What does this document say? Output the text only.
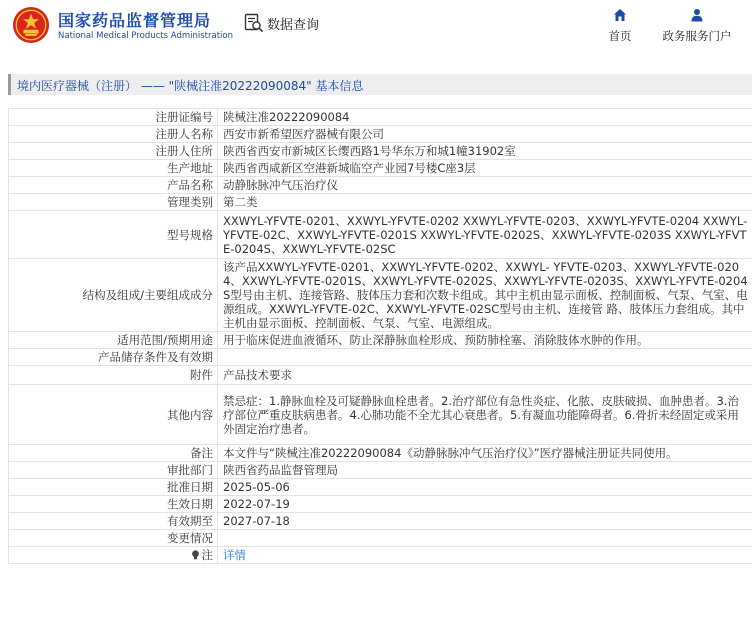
国家药品监督管理局
National Medical Products Administration
数据查询
首页	政务服务门户
境内医疗器械（注册） —— "陕械注准20222090084" 基本信息
注册证编号	陕械注准20222090084
注册人名称	西安市新希望医疗器械有限公司
注册人住所	陕西省西安市新城区长缨西路1号华东万和城1幢31902室
生产地址	陕西省西咸新区空港新城临空产业园7号楼C座3层
产品名称	动静脉脉冲气压治疗仪
管理类别	第二类
型号规格	XXWYL-YFVTE-0201、XXWYL-YFVTE-0202 XXWYL-YFVTE-0203、XXWYL-YFVTE-0204 XXWYL-YFVTE-02C、XXWYL-YFVTE-0201S XXWYL-YFVTE-0202S、XXWYL-YFVTE-0203S XXWYL-YFVTE-0204S、XXWYL-YFVTE-02SC
结构及组成/主要组成成分	该产品XXWYL-YFVTE-0201、XXWYL-YFVTE-0202、XXWYL- YFVTE-0203、XXWYL-YFVTE-0204、XXWYL-YFVTE-0201S、XXWYL-YFVTE-0202S、XXWYL-YFVTE-0203S、XXWYL-YFVTE-0204S型号由主机、连接管路、肢体压力套和次数卡组成。其中主机由显示面板、控制面板、气泵、气室、电源组成。XXWYL-YFVTE-02C、XXWYL-YFVTE-02SC型号由主机、连接管 路、肢体压力套组成。其中主机由显示面板、控制面板、气泵、气室、电源组成。
适用范围/预期用途	用于临床促进血液循环、防止深静脉血栓形成、预防肺栓塞、消除肢体水肿的作用。
产品储存条件及有效期	
附件	产品技术要求
其他内容	禁忌症：1.静脉血栓及可疑静脉血栓患者。2.治疗部位有急性炎症、化脓、皮肤破损、血肿患者。3.治疗部位严重皮肤病患者。4.心肺功能不全尤其心衰患者。5.有凝血功能障碍者。6.骨折未经固定或采用外固定治疗患者。
备注	本文件与“陕械注准20222090084《动静脉脉冲气压治疗仪》”医疗器械注册证共同使用。
审批部门	陕西省药品监督管理局
批准日期	2025-05-06
生效日期	2022-07-19
有效期至	2027-07-18
变更情况	
注	详情
